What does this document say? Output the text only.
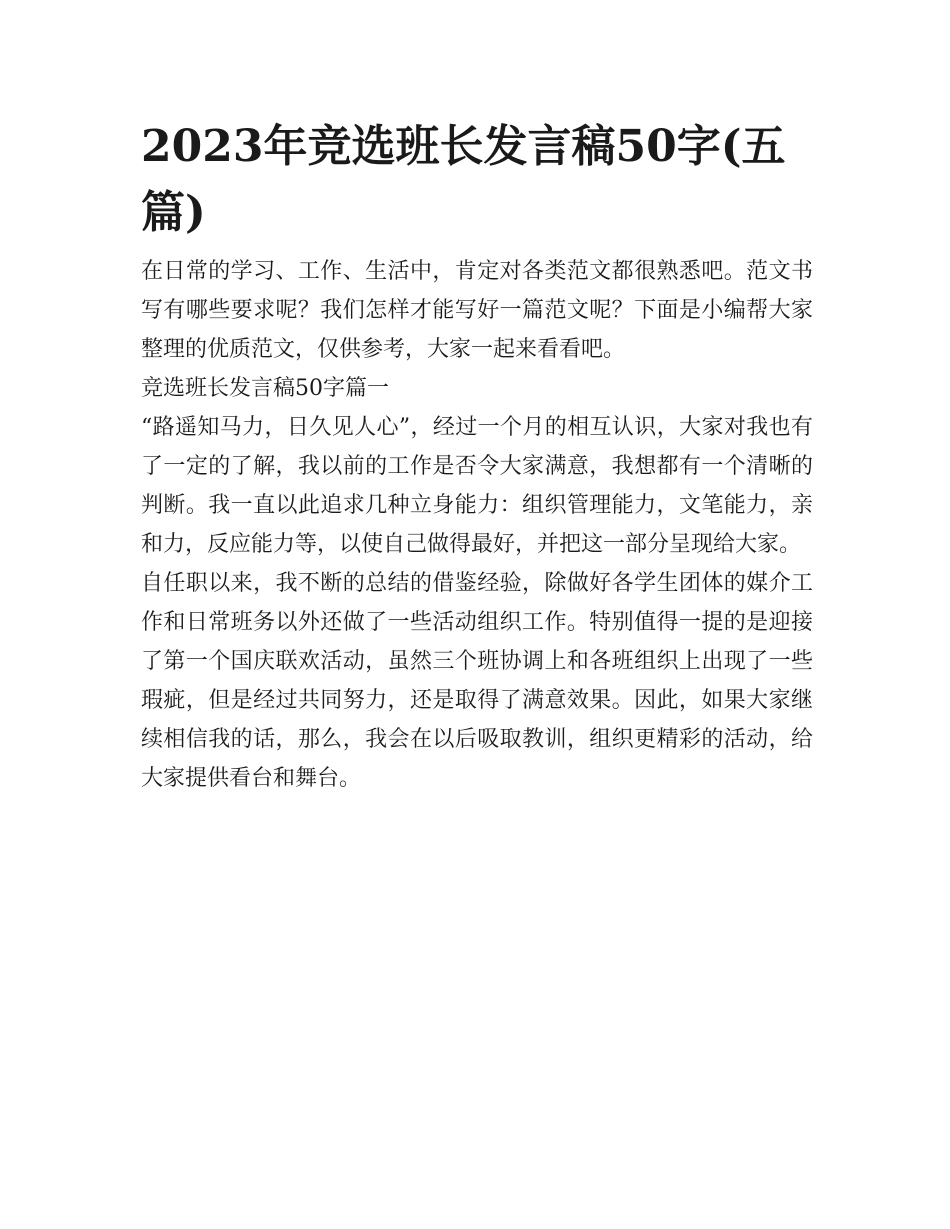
2023年竞选班长发言稿50字(五篇)

在日常的学习、工作、生活中，肯定对各类范文都很熟悉吧。范文书写有哪些要求呢？我们怎样才能写好一篇范文呢？下面是小编帮大家整理的优质范文，仅供参考，大家一起来看看吧。

竞选班长发言稿50字篇一

“路遥知马力，日久见人心”，经过一个月的相互认识，大家对我也有了一定的了解，我以前的工作是否令大家满意，我想都有一个清晰的判断。我一直以此追求几种立身能力：组织管理能力，文笔能力，亲和力，反应能力等，以使自己做得最好，并把这一部分呈现给大家。

自任职以来，我不断的总结的借鉴经验，除做好各学生团体的媒介工作和日常班务以外还做了一些活动组织工作。特别值得一提的是迎接了第一个国庆联欢活动，虽然三个班协调上和各班组织上出现了一些瑕疵，但是经过共同努力，还是取得了满意效果。因此，如果大家继续相信我的话，那么，我会在以后吸取教训，组织更精彩的活动，给大家提供看台和舞台。
